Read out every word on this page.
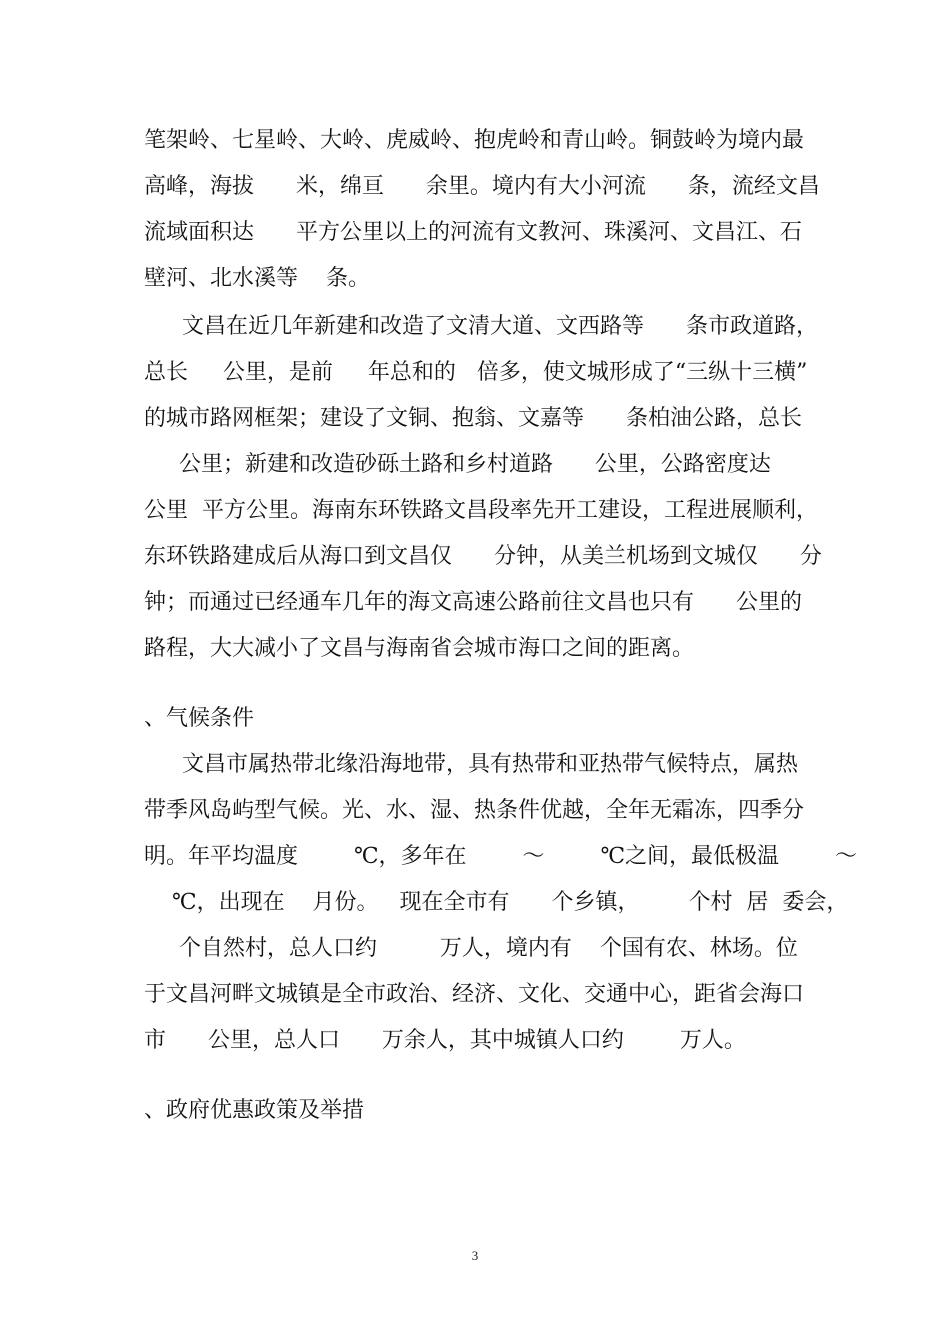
笔架岭、七星岭、大岭、虎威岭、抱虎岭和青山岭。铜鼓岭为境内最
高峰，海拔      米，绵亘      余里。境内有大小河流      条，流经文昌
流域面积达      平方公里以上的河流有文教河、珠溪河、文昌江、石
壁河、北水溪等    条。
文昌在近几年新建和改造了文清大道、文西路等      条市政道路，
总长     公里，是前     年总和的   倍多，使文城形成了“三纵十三横”
的城市路网框架；建设了文铜、抱翁、文嘉等      条柏油公路，总长
公里；新建和改造砂砾土路和乡村道路      公里，公路密度达
公里  平方公里。海南东环铁路文昌段率先开工建设，工程进展顺利，
东环铁路建成后从海口到文昌仅      分钟，从美兰机场到文城仅      分
钟；而通过已经通车几年的海文高速公路前往文昌也只有      公里的
路程，大大减小了文昌与海南省会城市海口之间的距离。
、气候条件
文昌市属热带北缘沿海地带，具有热带和亚热带气候特点，属热
带季风岛屿型气候。光、水、湿、热条件优越，全年无霜冻，四季分
明。年平均温度        ℃，多年在        ～        ℃之间，最低极温        ～
℃，出现在    月份。   现在全市有      个乡镇，       个村  居  委会，
个自然村，总人口约         万人，境内有    个国有农、林场。位
于文昌河畔文城镇是全市政治、经济、文化、交通中心，距省会海口
市      公里，总人口      万余人，其中城镇人口约        万人。
、政府优惠政策及举措
3
